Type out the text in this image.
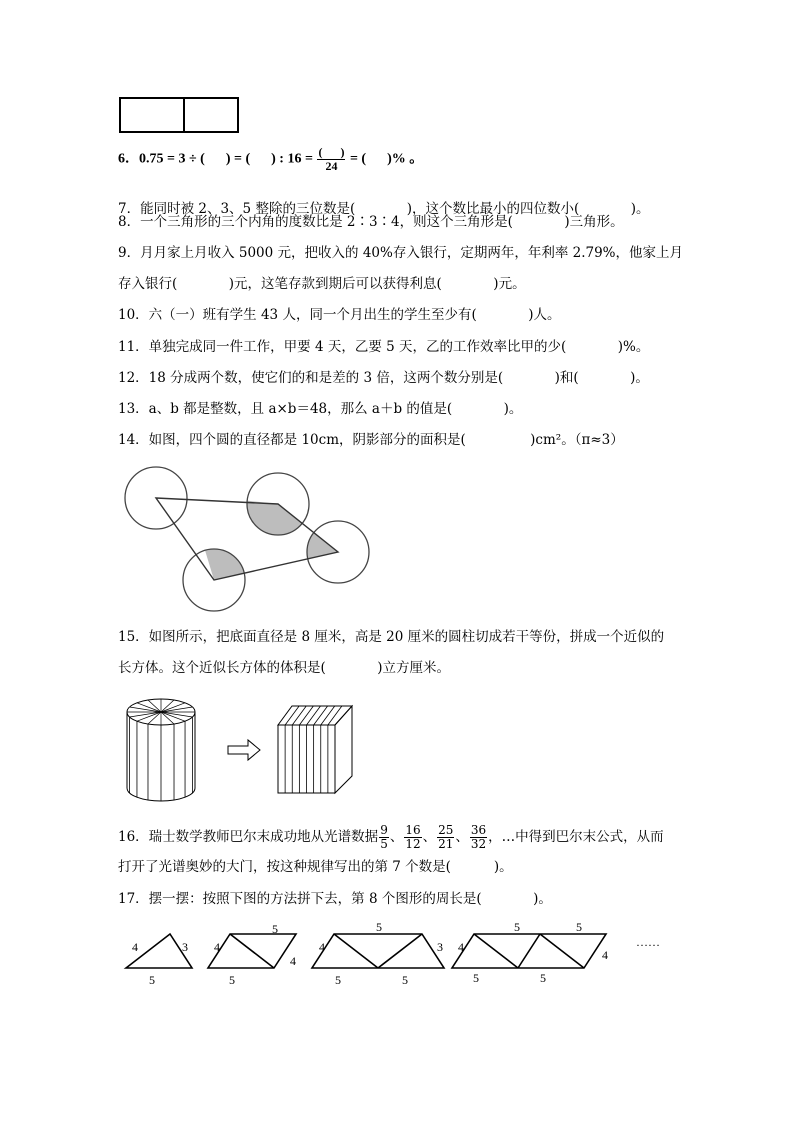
6．0.75 = 3 ÷ (      ) = (      ) : $16 = \frac{( )}{24}$ = (      )% 。

7．能同时被 2、3、5 整除的三位数是(            )，这个数比最小的四位数小(            )。
8．一个三角形的三个内角的度数比是 2∶3∶4，则这个三角形是(            )三角形。
9．月月家上月收入 5000 元，把收入的 40%存入银行，定期两年，年利率 2.79%，他家上月
存入银行(            )元，这笔存款到期后可以获得利息(            )元。
10．六（一）班有学生 43 人，同一个月出生的学生至少有(            )人。
11．单独完成同一件工作，甲要 4 天，乙要 5 天，乙的工作效率比甲的少(            )%。
12．18 分成两个数，使它们的和是差的 3 倍，这两个数分别是(            )和(            )。
13．a、b 都是整数，且 a×b＝48，那么 a＋b 的值是(            )。
14．如图，四个圆的直径都是 10cm，阴影部分的面积是(               )cm²。（π≈3）
15．如图所示，把底面直径是 8 厘米，高是 20 厘米的圆柱切成若干等份，拼成一个近似的
长方体。这个近似长方体的体积是(            )立方厘米。
16．瑞士数学教师巴尔末成功地从光谱数据 $\frac{9}{5}$ 、 $\frac{16}{12}$ 、 $\frac{25}{21}$ 、 $\frac{36}{32}$ ，…中得到巴尔末公式，从而
打开了光谱奥妙的大门，按这种规律写出的第 7 个数是(          )。
17．摆一摆：按照下图的方法拼下去，第 8 个图形的周长是(            )。
4	3
5
4
5
4
5
4
5
3
5	5
4
5	5
4
5	5
……
